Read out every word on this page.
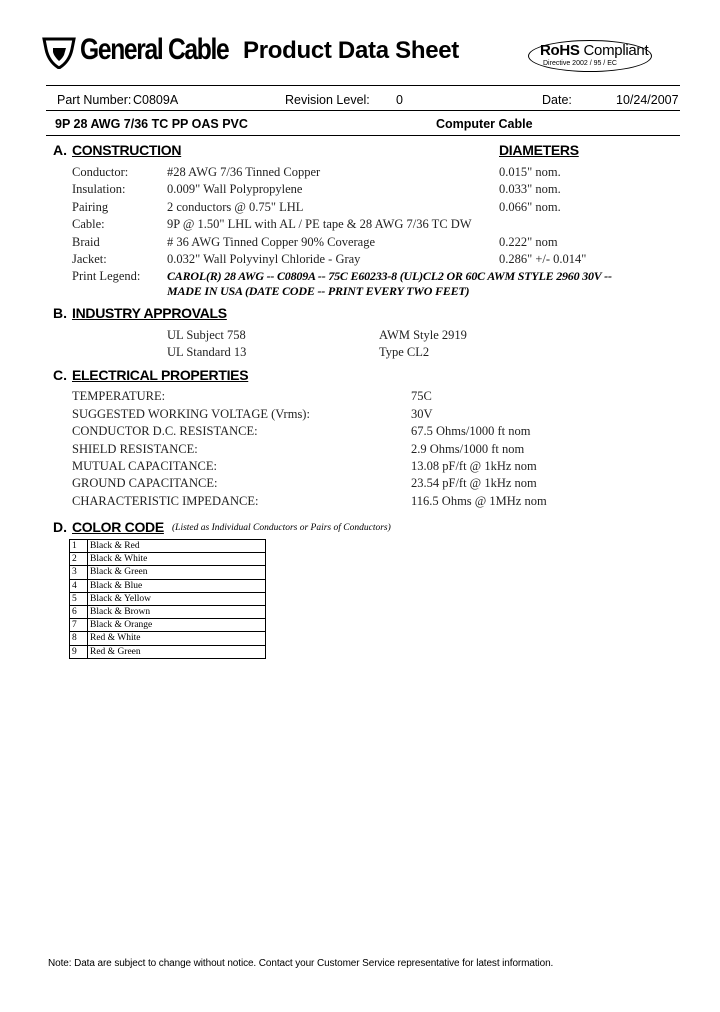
General Cable Product Data Sheet	RoHS Compliant
Directive 2002 / 95 / EC
Part Number: C0809A	Revision Level: 0	Date:	10/24/2007
9P 28 AWG 7/36 TC PP OAS PVC	Computer Cable
A. CONSTRUCTION	DIAMETERS
Conductor:	#28 AWG 7/36 Tinned Copper	0.015" nom.
Insulation:	0.009" Wall Polypropylene	0.033" nom.
Pairing	2 conductors @ 0.75" LHL	0.066" nom.
Cable:	9P @ 1.50" LHL with AL / PE tape & 28 AWG 7/36 TC DW
Braid	# 36 AWG Tinned Copper 90% Coverage	0.222" nom
Jacket:	0.032" Wall Polyvinyl Chloride - Gray	0.286" +/- 0.014"
Print Legend: CAROL(R) 28 AWG -- C0809A -- 75C E60233-8 (UL)CL2 OR 60C AWM STYLE 2960 30V --
MADE IN USA (DATE CODE -- PRINT EVERY TWO FEET)
B. INDUSTRY APPROVALS
UL Subject 758	AWM Style 2919
UL Standard 13	Type CL2
C. ELECTRICAL PROPERTIES
TEMPERATURE:	75C
SUGGESTED WORKING VOLTAGE (Vrms):	30V
CONDUCTOR D.C. RESISTANCE:	67.5 Ohms/1000 ft nom
SHIELD RESISTANCE:	2.9 Ohms/1000 ft nom
MUTUAL CAPACITANCE:	13.08 pF/ft @ 1kHz nom
GROUND CAPACITANCE:	23.54 pF/ft @ 1kHz nom
CHARACTERISTIC IMPEDANCE:	116.5 Ohms @ 1MHz nom
D. COLOR CODE (Listed as Individual Conductors or Pairs of Conductors)
1	Black & Red
2	Black & White
3	Black & Green
4	Black & Blue
5	Black & Yellow
6	Black & Brown
7	Black & Orange
8	Red & White
9	Red & Green
Note: Data are subject to change without notice. Contact your Customer Service representative for latest information.
